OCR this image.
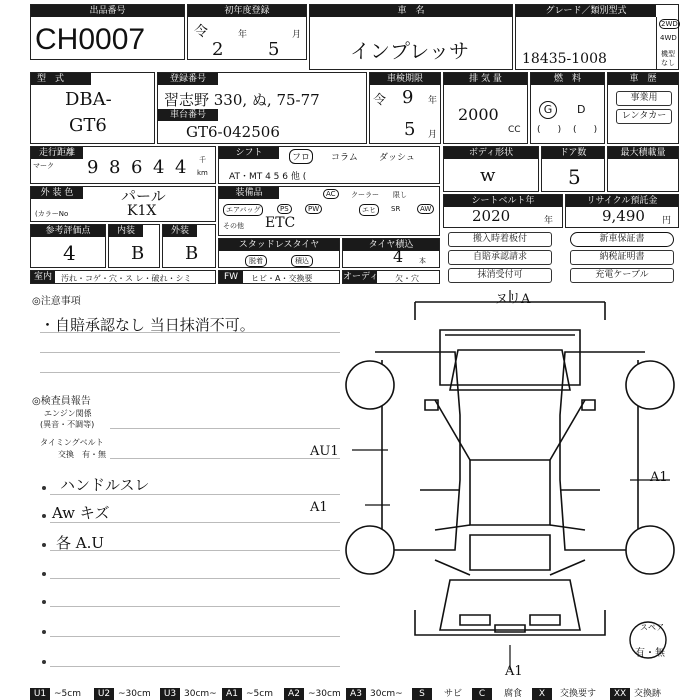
出品番号
CH0007
初年度登録
令	年	月
2 5
車　名
インプレッサ
グレード／類別型式
18435-1008
2WD
4WD
機型
なし
型　式
DBA-
GT6
登録番号
習志野 330, ぬ, 75-77
車台番号
GT6-042506
車検期限
令 9 年
5 月
排 気 量
2000
CC
燃　料
G	D
(      ) (      )
車　歴
事業用
レンタカー
走行距離
マーク 9 8 6 4 4 千
km
シフト	フロ	コラム ダッシュ
AT・MT 4 5 6 他 (
ボディ形状
w
ドア数
5
最大積載量
外 装 色	パール
(カラーNo	K1X
装備品	AC	クーラー 限し
エアバッグ	PS	PW	エヒ	SR	AW
その他 ETC
シートベルト年
2020	年
リサイクル預託金
9,490 円
参考評価点
4
内装
B
外装
B	スタッドレスタイヤ
脱着	積込
タイヤ積込
4 本
室内	汚れ・コゲ・穴・ス レ・破れ・シミ	FW	ヒビ・A・交換要	オーディオ 欠・穴
搬入時着板付
自賠承認請求
抹消受付可
新車保証書
納税証明書
充電ケーブル
◎注意事項
・自賠承認なし 当日抹消不可。
◎検査員報告
エンジン関係
(異音・不調等)
タイミングベルト
交換　有・無
ハンドルスレ
Aw キズ
各 A.U
ヌリA
AU1
A1
A1
A1
スペア
有・無
U1 ~5cm	U2 ~30cm	U3 30cm~	A1 ~5cm	A2 ~30cm	A3 30cm~	S	サビ	C	腐食	X	交換要す	XX 交換跡
